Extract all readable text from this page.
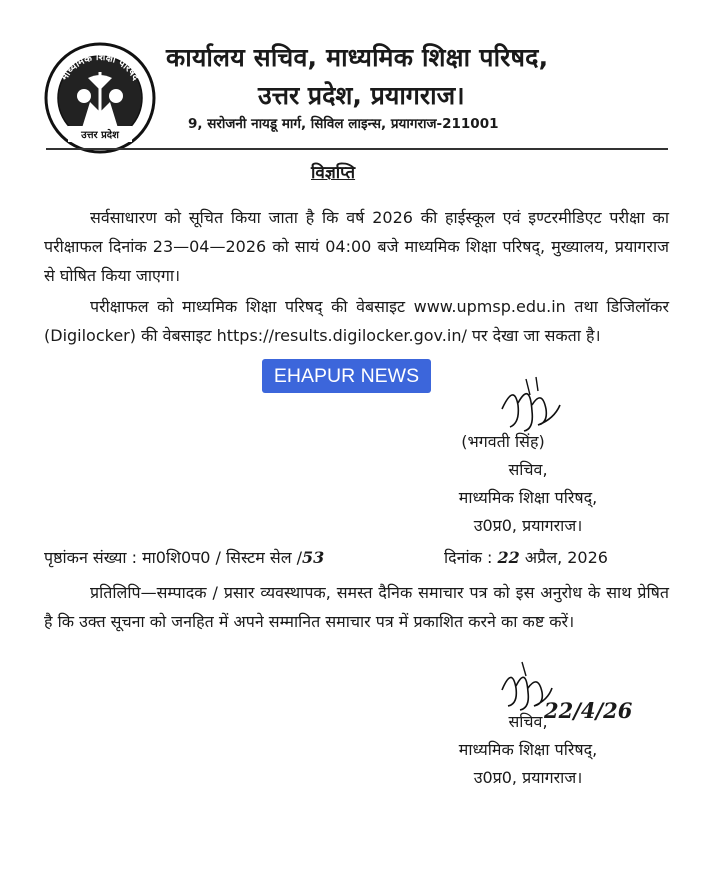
माध्यमिक शिक्षा परिषद
उत्तर प्रदेश
कार्यालय सचिव, माध्यमिक शिक्षा परिषद,
उत्तर प्रदेश, प्रयागराज।
9, सरोजनी नायडू मार्ग, सिविल लाइन्स, प्रयागराज-211001
विज्ञप्ति
सर्वसाधारण को सूचित किया जाता है कि वर्ष 2026 की हाईस्कूल एवं इण्टरमीडिएट परीक्षा का परीक्षाफल दिनांक 23—04—2026 को सायं 04:00 बजे माध्यमिक शिक्षा परिषद्, मुख्यालय, प्रयागराज से घोषित किया जाएगा।
परीक्षाफल को माध्यमिक शिक्षा परिषद् की वेबसाइट www.upmsp.edu.in तथा डिजिलॉकर (Digilocker) की वेबसाइट https://results.digilocker.gov.in/ पर देखा जा सकता है।
EHAPUR NEWS
(भगवती सिंह)
सचिव,
माध्यमिक शिक्षा परिषद्,
उ0प्र0, प्रयागराज।
पृष्ठांकन संख्या : मा0शि0प0 / सिस्टम सेल /53	दिनांक : 22 अप्रैल, 2026
प्रतिलिपि—सम्पादक / प्रसार व्यवस्थापक, समस्त दैनिक समाचार पत्र को इस अनुरोध के साथ प्रेषित है कि उक्त सूचना को जनहित में अपने सम्मानित समाचार पत्र में प्रकाशित करने का कष्ट करें।
22/4/26
सचिव,
माध्यमिक शिक्षा परिषद्,
उ0प्र0, प्रयागराज।
